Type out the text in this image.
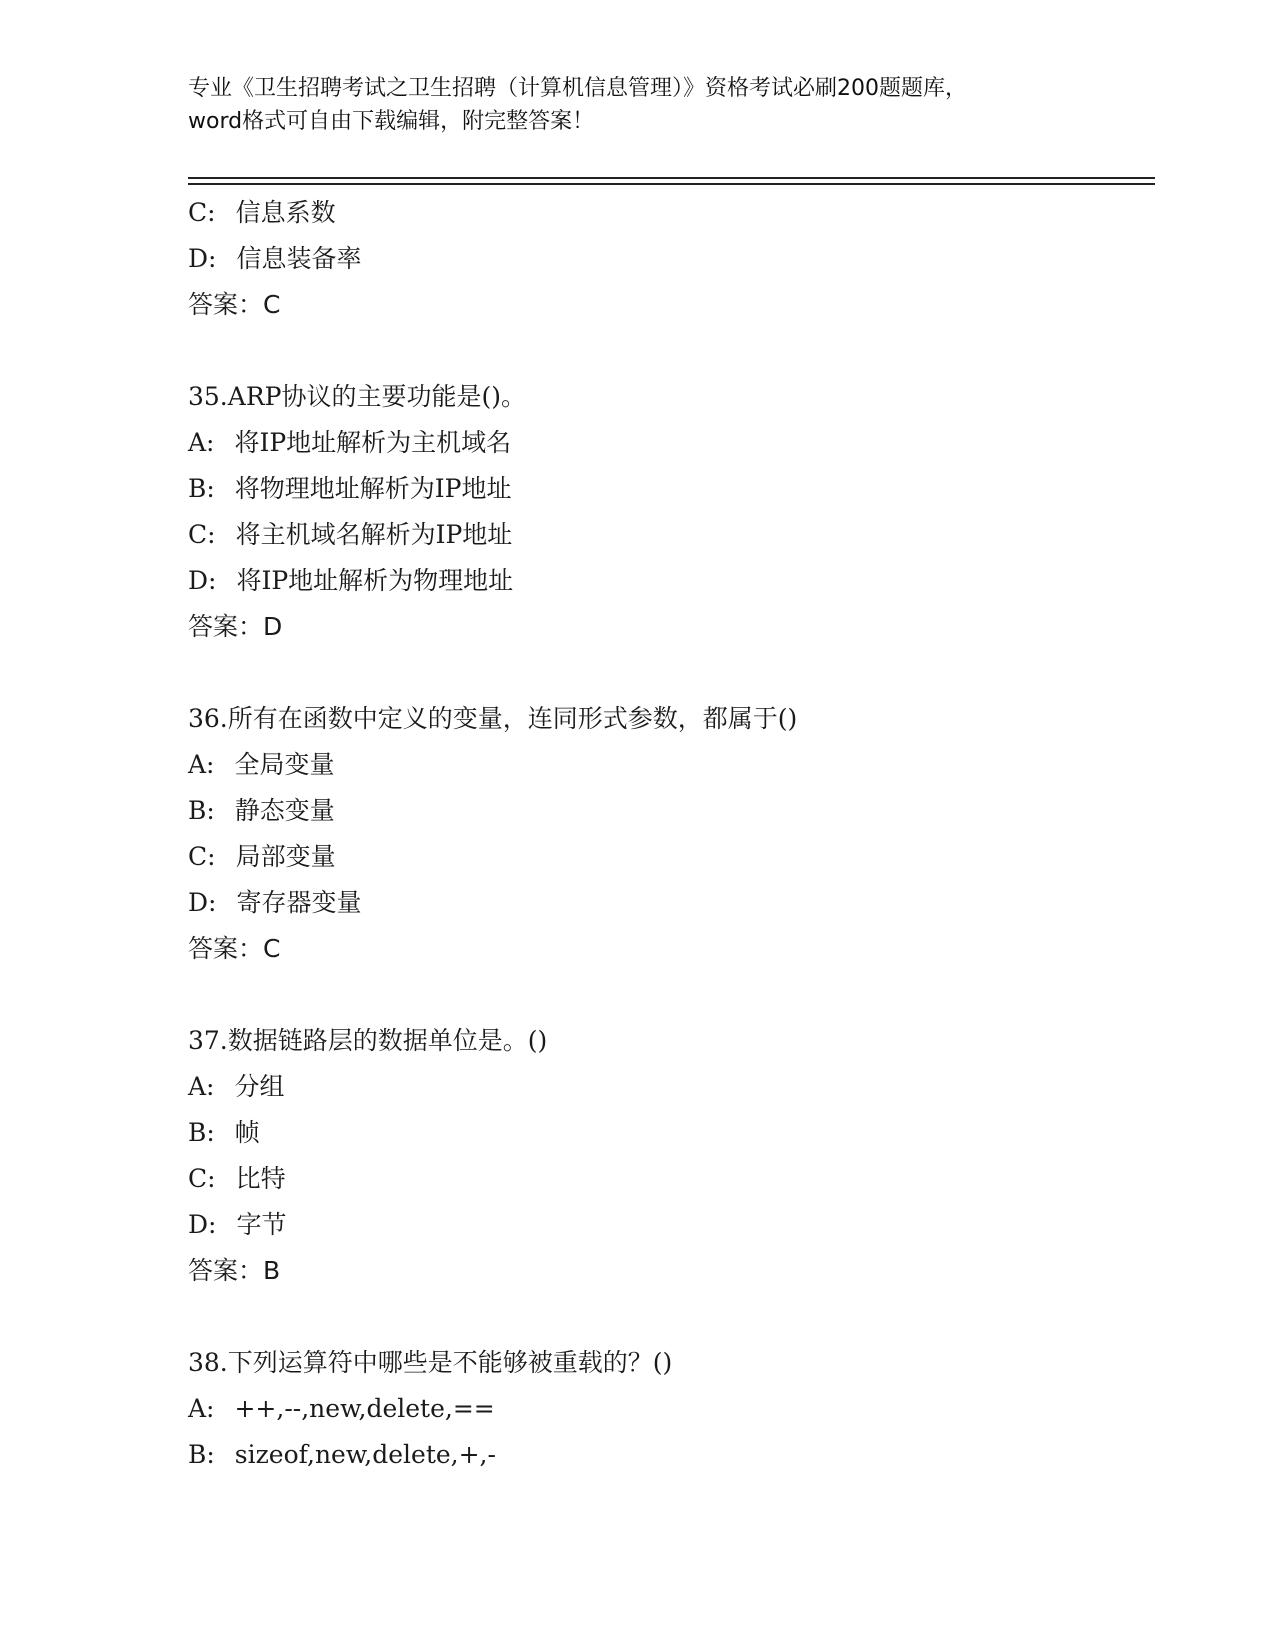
专业《卫生招聘考试之卫生招聘（计算机信息管理）》资格考试必刷200题题库，
word格式可自由下载编辑，附完整答案！
C: 信息系数
D: 信息装备率
答案：C
35.ARP协议的主要功能是()。
A: 将IP地址解析为主机域名
B: 将物理地址解析为IP地址
C: 将主机域名解析为IP地址
D: 将IP地址解析为物理地址
答案：D
36.所有在函数中定义的变量，连同形式参数，都属于()
A: 全局变量
B: 静态变量
C: 局部变量
D: 寄存器变量
答案：C
37.数据链路层的数据单位是。()
A: 分组
B: 帧
C: 比特
D: 字节
答案：B
38.下列运算符中哪些是不能够被重载的？()
A: ++,--,new,delete,==
B: sizeof,new,delete,+,-
